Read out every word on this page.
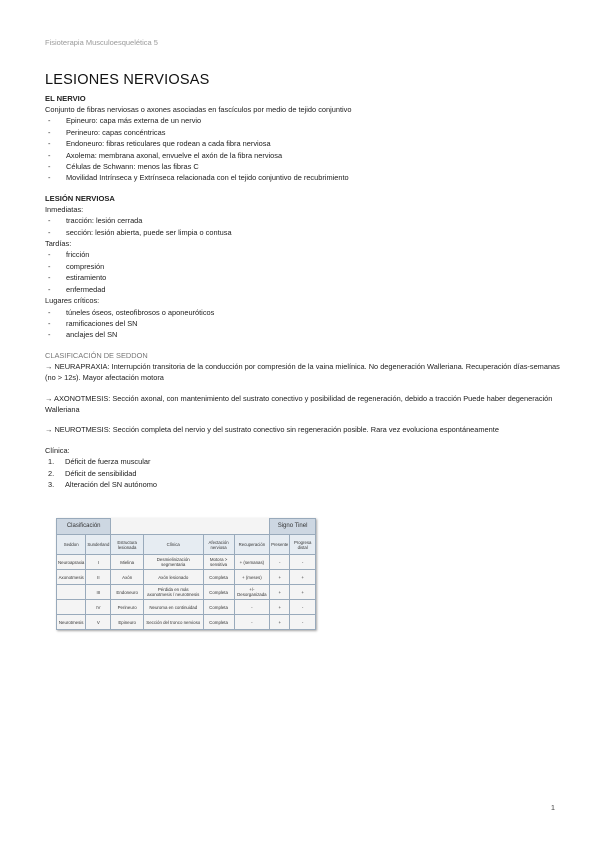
Fisioterapia Musculoesquelética 5
LESIONES NERVIOSAS

EL NERVIO

Conjunto de fibras nerviosas o axones asociadas en fascículos por medio de tejido conjuntivo

- Epineuro: capa más externa de un nervio
- Perineuro: capas concéntricas
- Endoneuro: fibras reticulares que rodean a cada fibra nerviosa
- Axolema: membrana axonal, envuelve el axón de la fibra nerviosa
- Células de Schwann: menos las fibras C
- Movilidad Intrínseca y Extrínseca relacionada con el tejido conjuntivo de recubrimiento

LESIÓN NERVIOSA

Inmediatas:

- tracción: lesión cerrada
- sección: lesión abierta, puede ser limpia o contusa

Tardías:

- fricción
- compresión
- estiramiento
- enfermedad

Lugares críticos:

- túneles óseos, osteofibrosos o aponeuróticos
- ramificaciones del SN
- anclajes del SN

CLASIFICACIÓN DE SEDDON

→ NEURAPRAXIA: Interrupción transitoria de la conducción por compresión de la vaina mielínica. No degeneración Walleriana. Recuperación días-semanas (no > 12s). Mayor afectación motora

→ AXONOTMESIS: Sección axonal, con mantenimiento del sustrato conectivo y posibilidad de regeneración, debido a tracción Puede haber degeneración Walleriana

→ NEUROTMESIS: Sección completa del nervio y del sustrato conectivo sin regeneración posible. Rara vez evoluciona espontáneamente

Clínica:

1. Déficit de fuerza muscular
2. Déficit de sensibilidad
3. Alteración del SN autónomo
Clasificación						Signo Tinel	
Seddon	Sunderland	Estructura lesionada	Clínica	Afectación nerviosa	Recuperación	Presente	Progresa distal
Neuroapraxia	I	Mielina	Desmielinización segmentaria	Motora > sensitiva	+ (semanas)	-	-
Axonotmesis	II	Axón	Axón lesionado	Completa	+ (meses)	+	+
	III	Endoneuro	Pérdida en más axonotmesis / neurotmesis	Completa	+/- Desorganizada	+	+
	IV	Perineuro	Neuroma en continuidad	Completa	-	+	-
Neurotmesis	V	Epineuro	Sección del tronco nervioso	Completa	-	+	-
1
